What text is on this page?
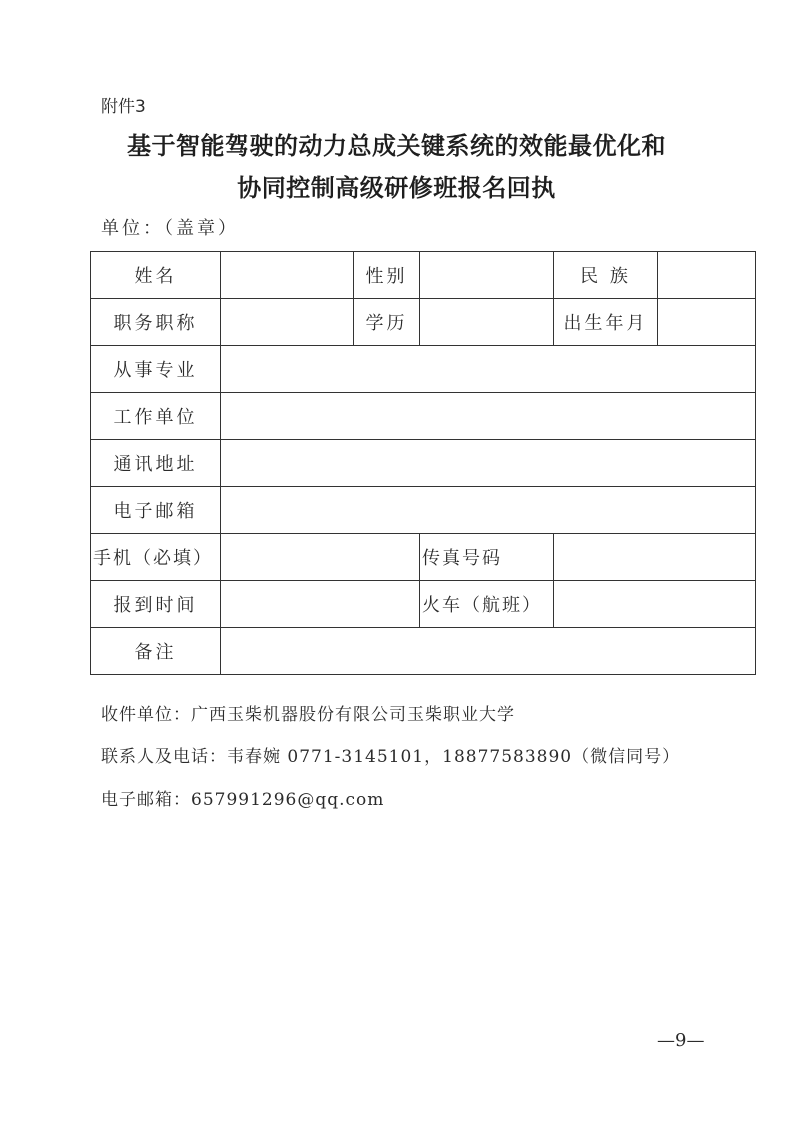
附件3
基于智能驾驶的动力总成关键系统的效能最优化和
协同控制高级研修班报名回执
单位：（盖章）
姓名		性别		民 族	
职务职称		学历		出生年月	
从事专业					
工作单位					
通讯地址					
电子邮箱					
手机（必填）			传真号码		
报到时间			火车（航班）		
备注					
收件单位：广西玉柴机器股份有限公司玉柴职业大学
联系人及电话：韦春婉 0771-3145101，18877583890（微信同号）
电子邮箱：657991296@qq.com
—9—
